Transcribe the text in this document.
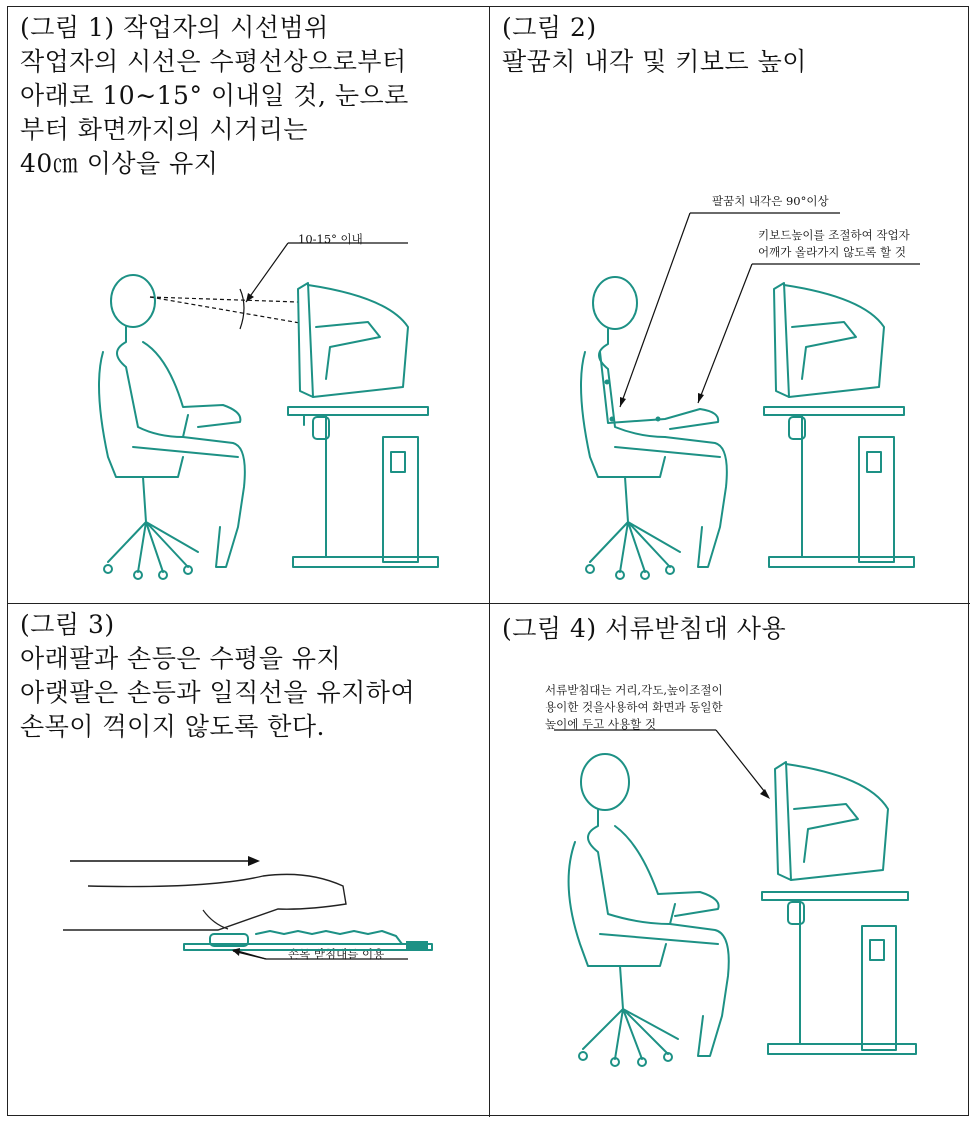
(그림 1) 작업자의 시선범위
작업자의 시선은 수평선상으로부터
아래로 10∼15° 이내일 것, 눈으로
부터 화면까지의 시거리는
40㎝ 이상을 유지
10-15° 이내
(그림 2)
팔꿈치 내각 및 키보드 높이
팔꿈치 내각은 90°이상
키보드높이를 조절하여 작업자
어깨가 올라가지 않도록 할 것
(그림 3)
아래팔과 손등은 수평을 유지
아랫팔은 손등과 일직선을 유지하여
손목이 꺽이지 않도록 한다.
손목 받침대를 이용
(그림 4) 서류받침대 사용
서류받침대는 거리,각도,높이조절이
용이한 것을사용하여 화면과 동일한
높이에 두고 사용할 것
